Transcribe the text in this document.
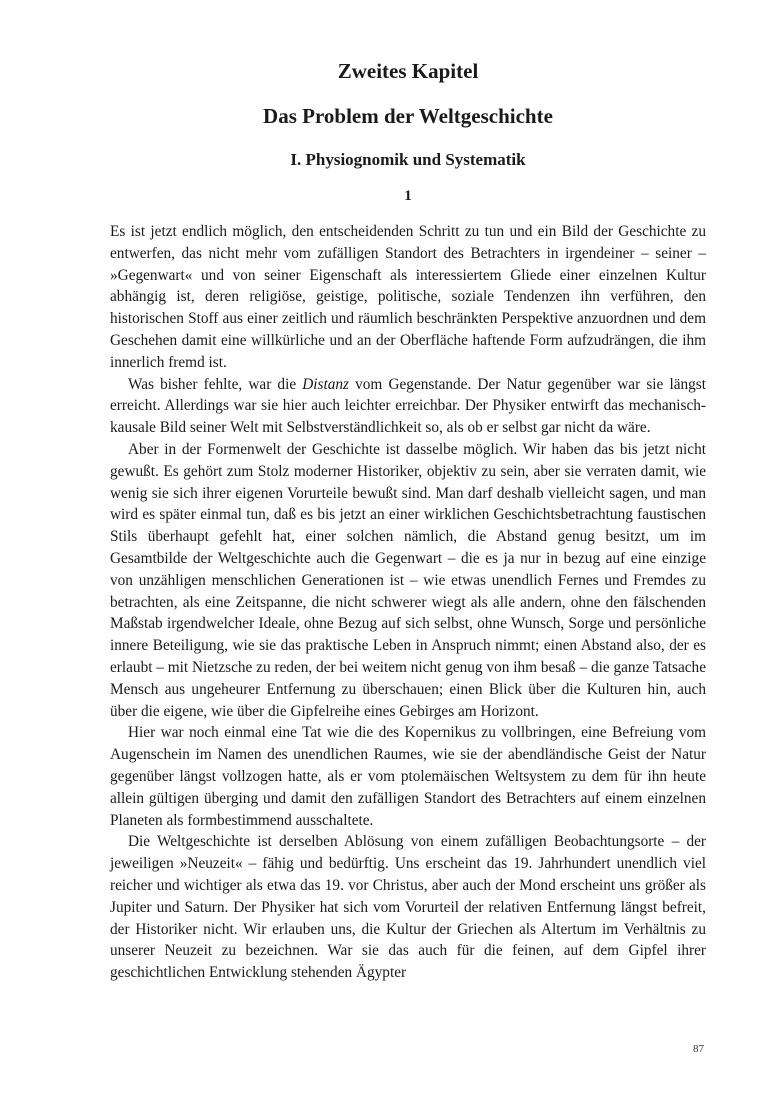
Zweites Kapitel
Das Problem der Weltgeschichte
I. Physiognomik und Systematik
1

Es ist jetzt endlich möglich, den entscheidenden Schritt zu tun und ein Bild der Geschichte zu entwerfen, das nicht mehr vom zufälligen Standort des Betrachters in irgendeiner – seiner – »Gegenwart« und von seiner Eigenschaft als interessiertem Gliede einer einzelnen Kultur abhängig ist, deren religiöse, geistige, politische, soziale Tendenzen ihn verführen, den historischen Stoff aus einer zeitlich und räumlich beschränkten Perspektive anzuordnen und dem Geschehen damit eine willkürliche und an der Oberfläche haftende Form aufzudrängen, die ihm innerlich fremd ist.

Was bisher fehlte, war die Distanz vom Gegenstande. Der Natur gegenüber war sie längst erreicht. Allerdings war sie hier auch leichter erreichbar. Der Physiker entwirft das mechanisch-kausale Bild seiner Welt mit Selbstverständlichkeit so, als ob er selbst gar nicht da wäre.

Aber in der Formenwelt der Geschichte ist dasselbe möglich. Wir haben das bis jetzt nicht gewußt. Es gehört zum Stolz moderner Historiker, objektiv zu sein, aber sie verraten damit, wie wenig sie sich ihrer eigenen Vorurteile bewußt sind. Man darf deshalb vielleicht sagen, und man wird es später einmal tun, daß es bis jetzt an einer wirklichen Geschichtsbetrachtung faustischen Stils überhaupt gefehlt hat, einer solchen nämlich, die Abstand genug besitzt, um im Gesamtbilde der Weltgeschichte auch die Gegenwart – die es ja nur in bezug auf eine einzige von unzähligen menschlichen Generationen ist – wie etwas unendlich Fernes und Fremdes zu betrachten, als eine Zeitspanne, die nicht schwerer wiegt als alle andern, ohne den fälschenden Maßstab irgendwelcher Ideale, ohne Bezug auf sich selbst, ohne Wunsch, Sorge und persönliche innere Beteiligung, wie sie das praktische Leben in Anspruch nimmt; einen Abstand also, der es erlaubt – mit Nietzsche zu reden, der bei weitem nicht genug von ihm besaß – die ganze Tatsache Mensch aus ungeheurer Entfernung zu überschauen; einen Blick über die Kulturen hin, auch über die eigene, wie über die Gipfelreihe eines Gebirges am Horizont.

Hier war noch einmal eine Tat wie die des Kopernikus zu vollbringen, eine Befreiung vom Augenschein im Namen des unendlichen Raumes, wie sie der abendländische Geist der Natur gegenüber längst vollzogen hatte, als er vom ptolemäischen Weltsystem zu dem für ihn heute allein gültigen überging und damit den zufälligen Standort des Betrachters auf einem einzelnen Planeten als formbestimmend ausschaltete.

Die Weltgeschichte ist derselben Ablösung von einem zufälligen Beobachtungsorte – der jeweiligen »Neuzeit« – fähig und bedürftig. Uns erscheint das 19. Jahrhundert unendlich viel reicher und wichtiger als etwa das 19. vor Christus, aber auch der Mond erscheint uns größer als Jupiter und Saturn. Der Physiker hat sich vom Vorurteil der relativen Entfernung längst befreit, der Historiker nicht. Wir erlauben uns, die Kultur der Griechen als Altertum im Verhältnis zu unserer Neuzeit zu bezeichnen. War sie das auch für die feinen, auf dem Gipfel ihrer geschichtlichen Entwicklung stehenden Ägypter

87
